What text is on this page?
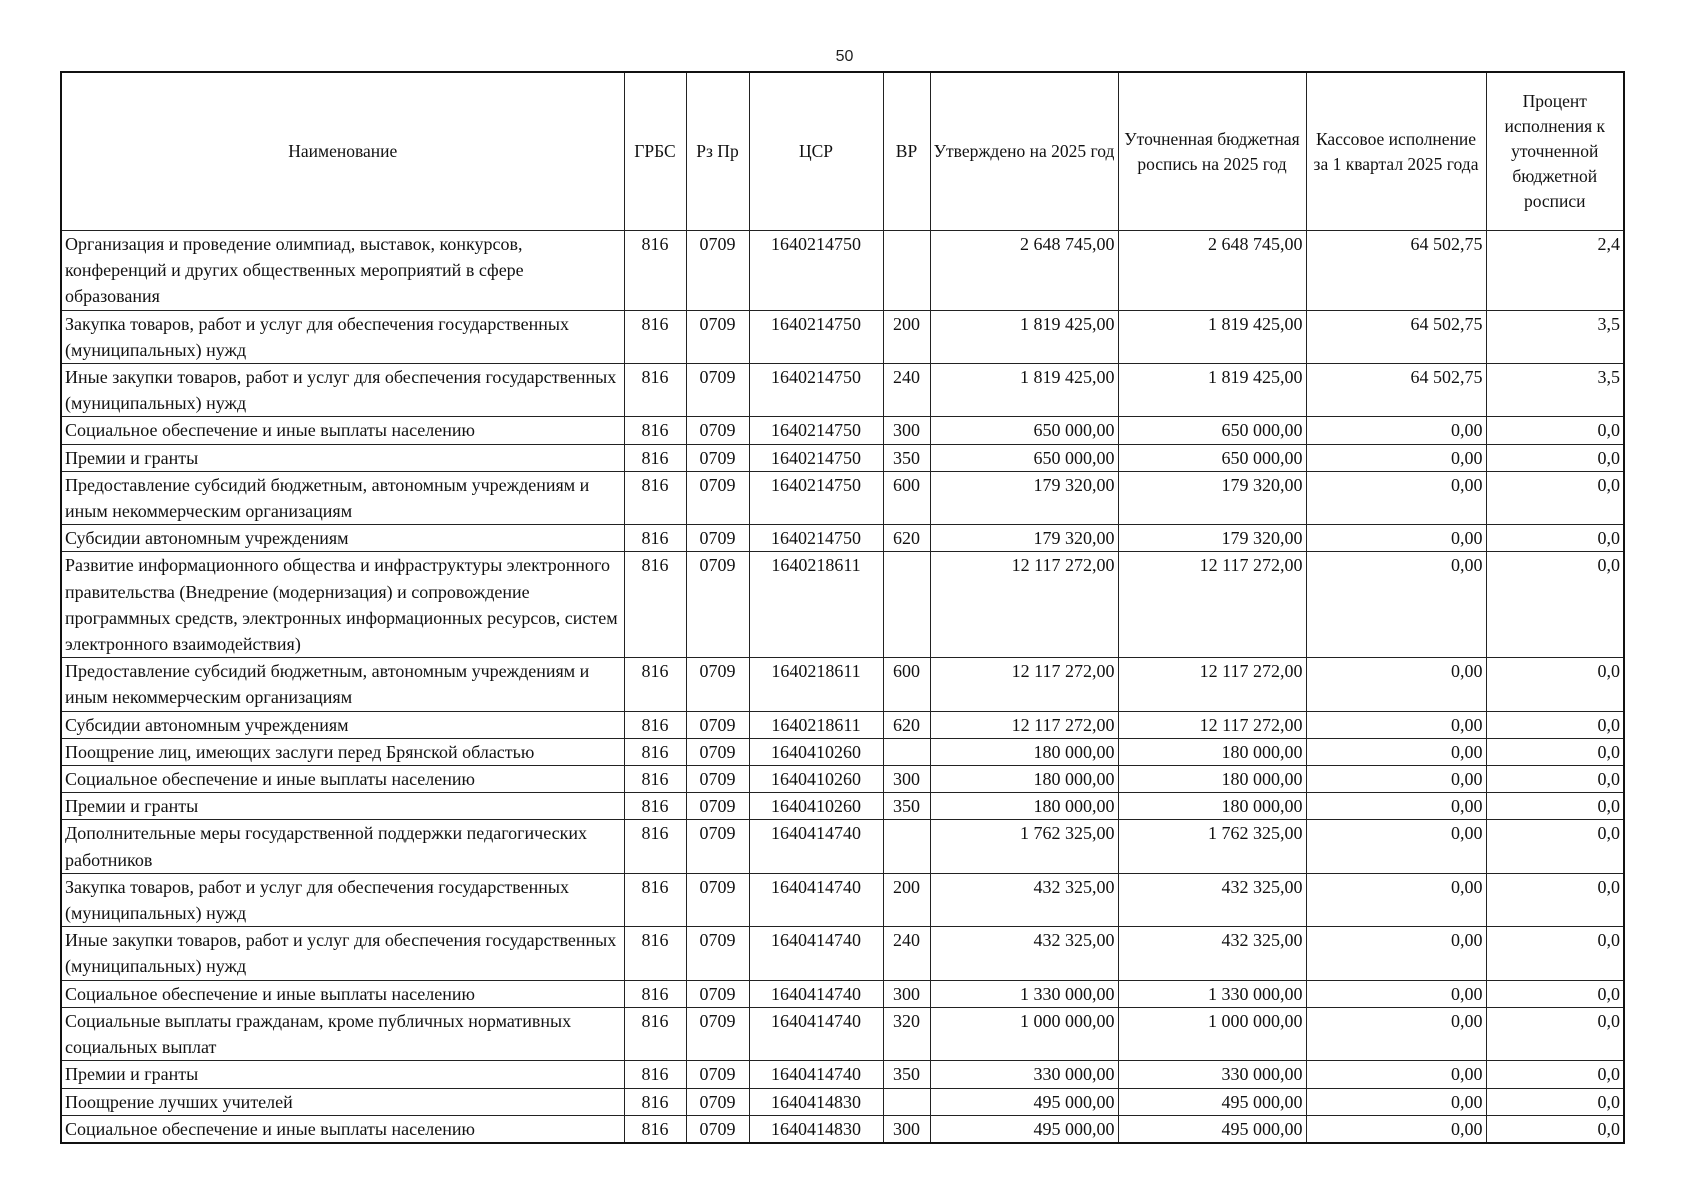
50
Наименование	ГРБС	Рз Пр	ЦСР	ВР	Утверждено на 2025 год	Уточненная бюджетная роспись на 2025 год	Кассовое исполнение за 1 квартал 2025 года	Процент исполнения к уточненной бюджетной росписи
Организация и проведение олимпиад, выставок, конкурсов, конференций и других общественных мероприятий в сфере образования	816	0709	1640214750		2 648 745,00	2 648 745,00	64 502,75	2,4
Закупка товаров, работ и услуг для обеспечения государственных (муниципальных) нужд	816	0709	1640214750	200	1 819 425,00	1 819 425,00	64 502,75	3,5
Иные закупки товаров, работ и услуг для обеспечения государственных (муниципальных) нужд	816	0709	1640214750	240	1 819 425,00	1 819 425,00	64 502,75	3,5
Социальное обеспечение и иные выплаты населению	816	0709	1640214750	300	650 000,00	650 000,00	0,00	0,0
Премии и гранты	816	0709	1640214750	350	650 000,00	650 000,00	0,00	0,0
Предоставление субсидий бюджетным, автономным учреждениям и иным некоммерческим организациям	816	0709	1640214750	600	179 320,00	179 320,00	0,00	0,0
Субсидии автономным учреждениям	816	0709	1640214750	620	179 320,00	179 320,00	0,00	0,0
Развитие информационного общества и инфраструктуры электронного правительства (Внедрение (модернизация) и сопровождение программных средств, электронных информационных ресурсов, систем электронного взаимодействия)	816	0709	1640218611		12 117 272,00	12 117 272,00	0,00	0,0
Предоставление субсидий бюджетным, автономным учреждениям и иным некоммерческим организациям	816	0709	1640218611	600	12 117 272,00	12 117 272,00	0,00	0,0
Субсидии автономным учреждениям	816	0709	1640218611	620	12 117 272,00	12 117 272,00	0,00	0,0
Поощрение лиц, имеющих заслуги перед Брянской областью	816	0709	1640410260		180 000,00	180 000,00	0,00	0,0
Социальное обеспечение и иные выплаты населению	816	0709	1640410260	300	180 000,00	180 000,00	0,00	0,0
Премии и гранты	816	0709	1640410260	350	180 000,00	180 000,00	0,00	0,0
Дополнительные меры государственной поддержки педагогических работников	816	0709	1640414740		1 762 325,00	1 762 325,00	0,00	0,0
Закупка товаров, работ и услуг для обеспечения государственных (муниципальных) нужд	816	0709	1640414740	200	432 325,00	432 325,00	0,00	0,0
Иные закупки товаров, работ и услуг для обеспечения государственных (муниципальных) нужд	816	0709	1640414740	240	432 325,00	432 325,00	0,00	0,0
Социальное обеспечение и иные выплаты населению	816	0709	1640414740	300	1 330 000,00	1 330 000,00	0,00	0,0
Социальные выплаты гражданам, кроме публичных нормативных социальных выплат	816	0709	1640414740	320	1 000 000,00	1 000 000,00	0,00	0,0
Премии и гранты	816	0709	1640414740	350	330 000,00	330 000,00	0,00	0,0
Поощрение лучших учителей	816	0709	1640414830		495 000,00	495 000,00	0,00	0,0
Социальное обеспечение и иные выплаты населению	816	0709	1640414830	300	495 000,00	495 000,00	0,00	0,0
